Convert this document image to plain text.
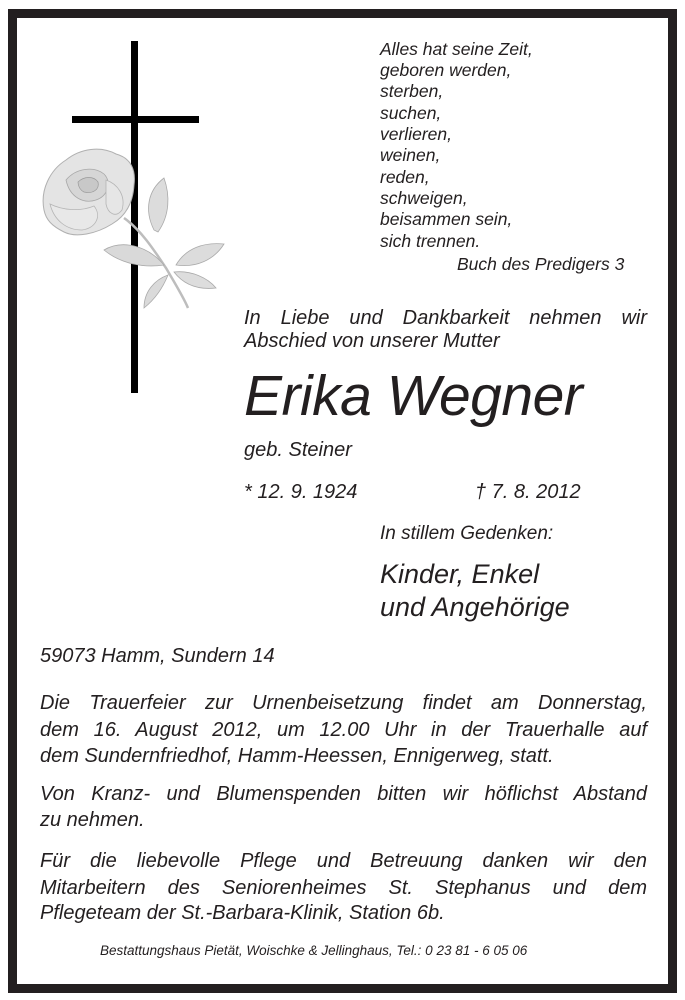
Alles hat seine Zeit,
geboren werden,
sterben,
suchen,
verlieren,
weinen,
reden,
schweigen,
beisammen sein,
sich trennen.
Buch des Predigers 3
In Liebe und Dankbarkeit nehmen wir
Abschied von unserer Mutter
Erika Wegner
geb. Steiner
* 12. 9. 1924	† 7. 8. 2012
In stillem Gedenken:
Kinder, Enkel
und Angehörige
59073 Hamm, Sundern 14
Die Trauerfeier zur Urnenbeisetzung findet am Donnerstag,
dem 16. August 2012, um 12.00 Uhr in der Trauerhalle auf
dem Sundernfriedhof, Hamm-Heessen, Ennigerweg, statt.
Von Kranz- und Blumenspenden bitten wir höflichst Abstand
zu nehmen.
Für die liebevolle Pflege und Betreuung danken wir den
Mitarbeitern des Seniorenheimes St. Stephanus und dem
Pflegeteam der St.-Barbara-Klinik, Station 6b.
Bestattungshaus Pietät, Woischke & Jellinghaus, Tel.: 0 23 81 - 6 05 06
